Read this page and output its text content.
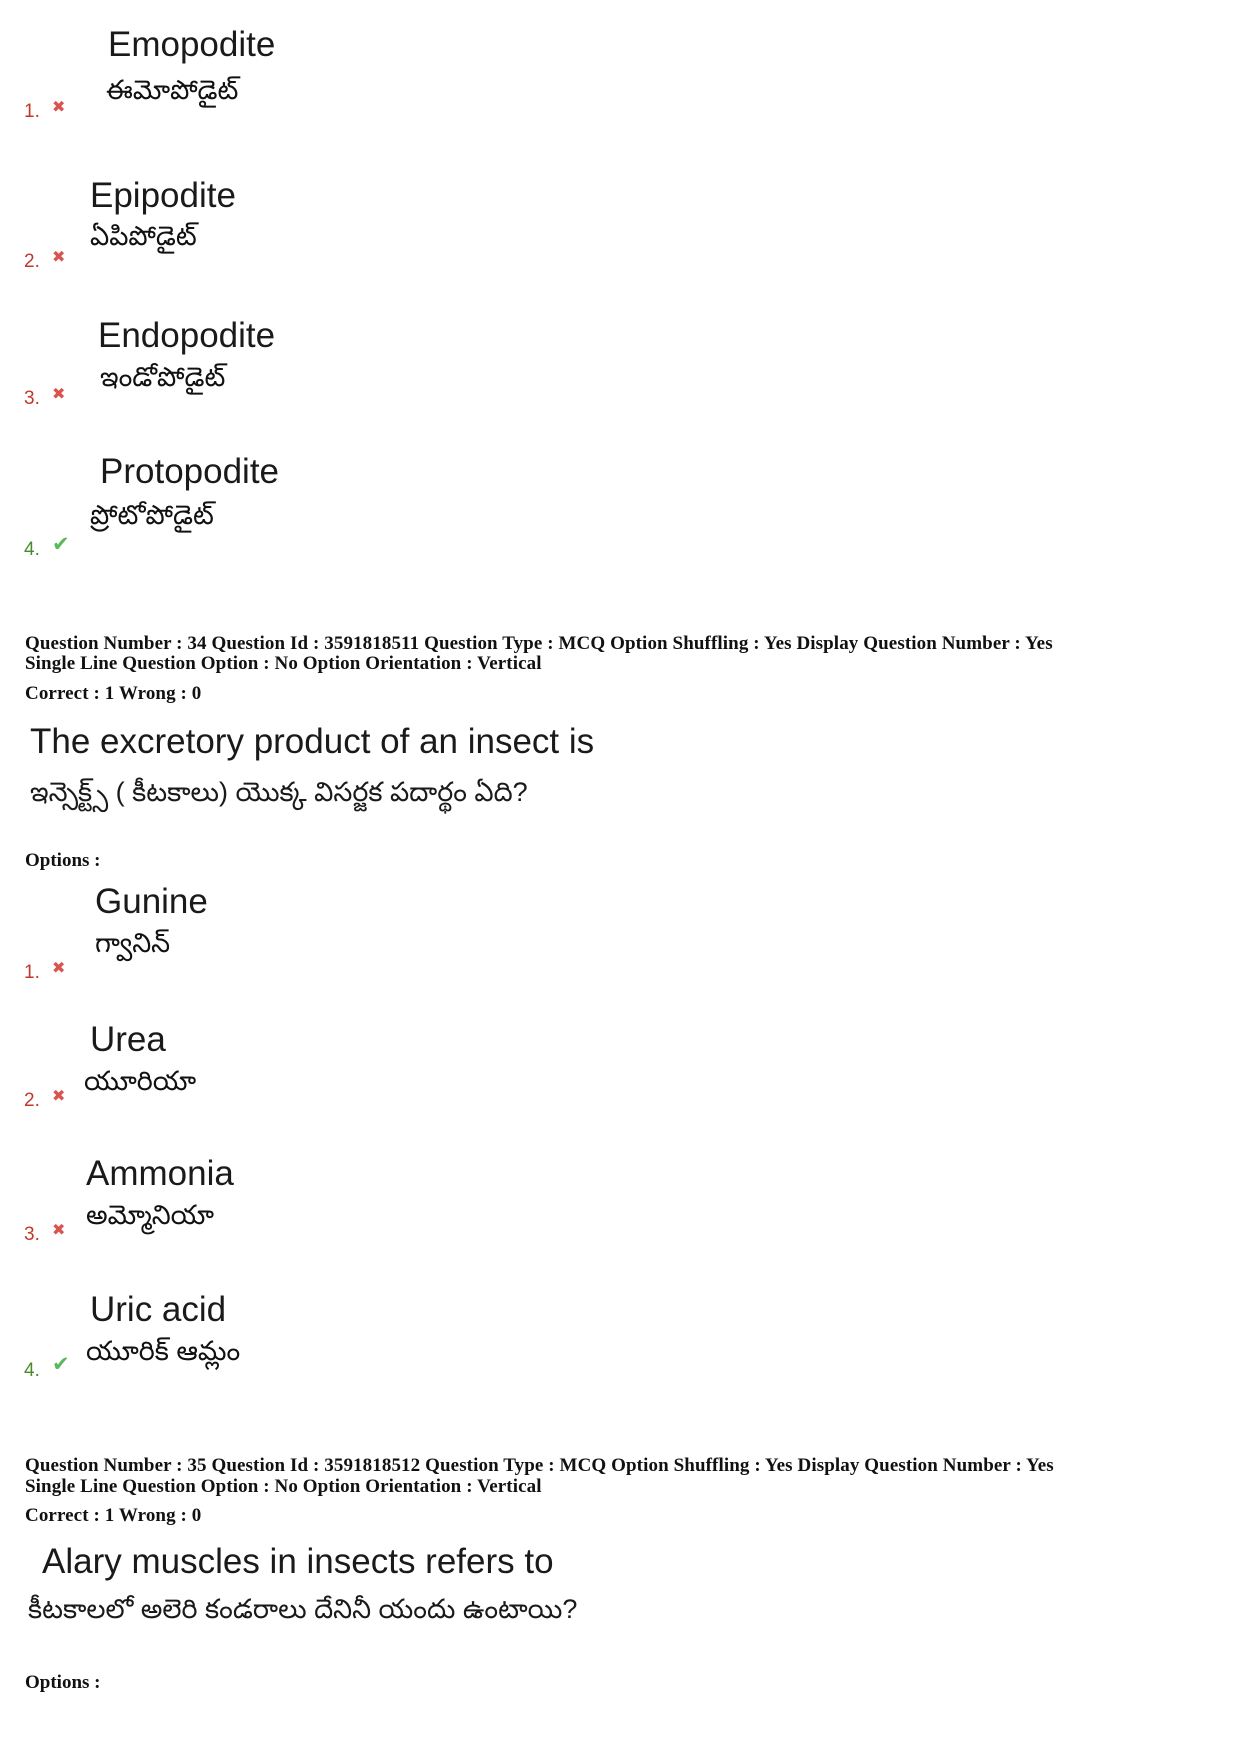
Emopodite
ఈమోపోడైట్
1. ✖
Epipodite
ఏపిపోడైట్
2. ✖
Endopodite
ఇండోపోడైట్
3. ✖
Protopodite
ప్రోటోపోడైట్
4. ✔
Question Number : 34 Question Id : 3591818511 Question Type : MCQ Option Shuffling : Yes Display Question Number : Yes
Single Line Question Option : No Option Orientation : Vertical
Correct : 1 Wrong : 0
The excretory product of an insect is
ఇన్సెక్ట్స్ ( కీటకాలు) యొక్క విసర్జక పదార్థం ఏది?
Options :
Gunine
గ్వానిన్
1. ✖
Urea
యూరియా
2. ✖
Ammonia
అమ్మోనియా
3. ✖
Uric acid
యూరిక్ ఆమ్లం
4. ✔
Question Number : 35 Question Id : 3591818512 Question Type : MCQ Option Shuffling : Yes Display Question Number : Yes
Single Line Question Option : No Option Orientation : Vertical
Correct : 1 Wrong : 0
Alary muscles in insects refers to
కీటకాలలో అలెరి కండరాలు దేనినీ యందు ఉంటాయి?
Options :
